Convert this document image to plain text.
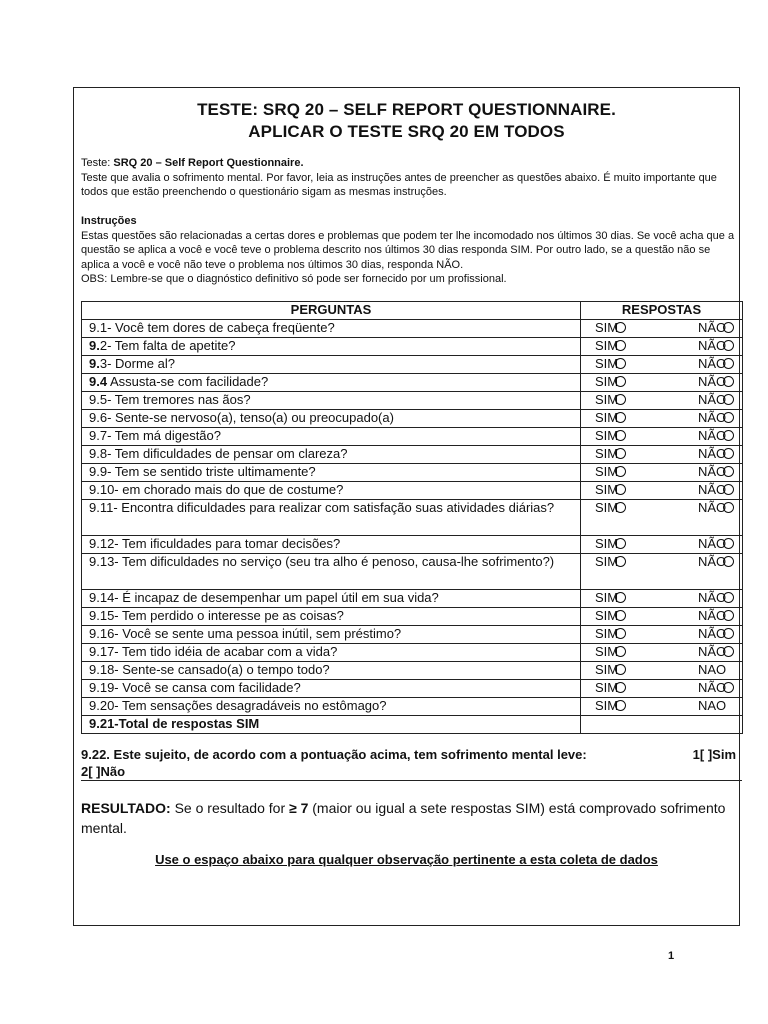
TESTE: SRQ 20 – SELF REPORT QUESTIONNAIRE.
APLICAR O TESTE SRQ 20 EM TODOS
Teste: SRQ 20 – Self Report Questionnaire.
Teste que avalia o sofrimento mental. Por favor, leia as instruções antes de preencher as questões abaixo. É muito importante que todos que estão preenchendo o questionário sigam as mesmas instruções.
Instruções
Estas questões são relacionadas a certas dores e problemas que podem ter lhe incomodado nos últimos 30 dias. Se você acha que a questão se aplica a você e você teve o problema descrito nos últimos 30 dias responda SIM. Por outro lado, se a questão não se aplica a você e você não teve o problema nos últimos 30 dias, responda NÃO.
OBS: Lembre-se que o diagnóstico definitivo só pode ser fornecido por um profissional.
PERGUNTAS	RESPOSTAS
9.1- Você tem dores de cabeça freqüente?	SIM NÃO

9.2- Tem falta de apetite?	SIM NÃO

9.3- Dorme al?	SIM NÃO

9.4 Assusta-se com facilidade?	SIM NÃO

9.5- Tem tremores nas ãos?	SIM NÃO

9.6- Sente-se nervoso(a), tenso(a) ou preocupado(a)	SIM NÃO

9.7- Tem má digestão?	SIM NÃO

9.8- Tem dificuldades de pensar om clareza?	SIM NÃO

9.9- Tem se sentido triste ultimamente?	SIM NÃO

9.10- em chorado mais do que de costume?	SIM NÃO

9.11- Encontra dificuldades para realizar com satisfação suas atividades diárias?	SIM NÃO

9.12- Tem ificuldades para tomar decisões?	SIM NÃO

9.13- Tem dificuldades no serviço (seu tra alho é penoso, causa-lhe sofrimento?)	SIM NÃO

9.14- É incapaz de desempenhar um papel útil em sua vida?	SIM NÃO

9.15- Tem perdido o interesse pe as coisas?	SIM NÃO

9.16- Você se sente uma pessoa inútil, sem préstimo?	SIM NÃO

9.17- Tem tido idéia de acabar com a vida?	SIM NÃO

9.18- Sente-se cansado(a) o tempo todo?	SIM NAO

9.19- Você se cansa com facilidade?	SIM NÃO

9.20- Tem sensações desagradáveis no estômago?	SIM NAO

9.21-Total de respostas SIM	
9.22. Este sujeito, de acordo com a pontuação acima, tem sofrimento mental leve:	1[ ]Sim

2[ ]Não
RESULTADO: Se o resultado for ≥ 7 (maior ou igual a sete respostas SIM) está comprovado sofrimento mental.
Use o espaço abaixo para qualquer observação pertinente a esta coleta de dados
1
